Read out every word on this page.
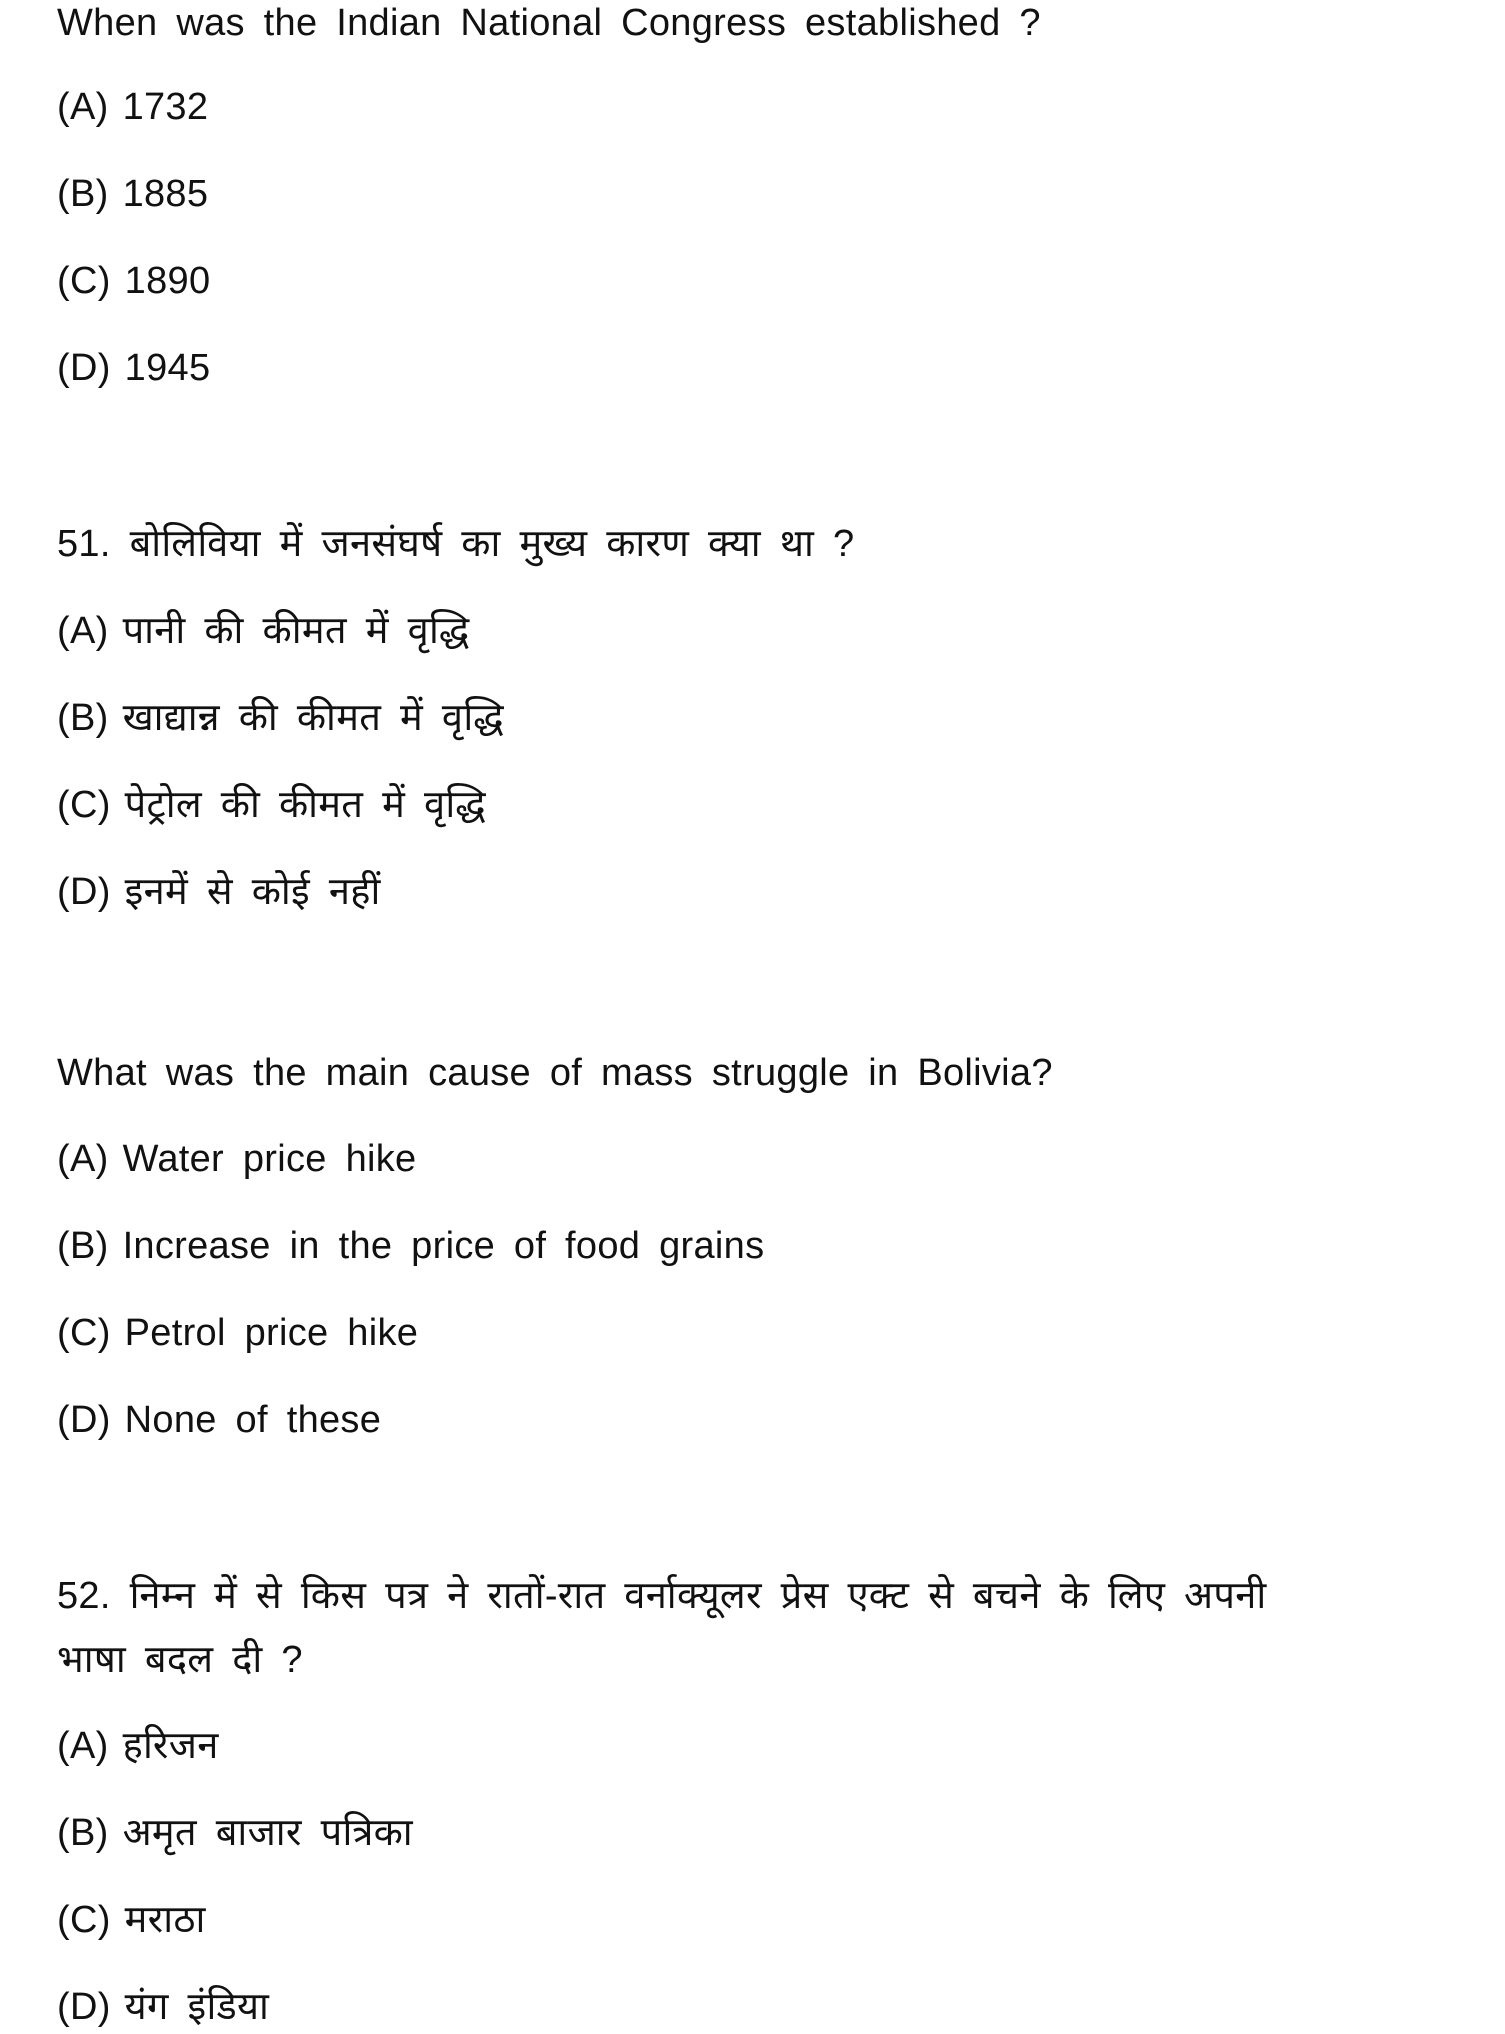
When was the Indian National Congress established ?
(A) 1732
(B) 1885
(C) 1890
(D) 1945
51. बोलिविया में जनसंघर्ष का मुख्य कारण क्या था ?
(A) पानी की कीमत में वृद्धि
(B) खाद्यान्न की कीमत में वृद्धि
(C) पेट्रोल की कीमत में वृद्धि
(D) इनमें से कोई नहीं
What was the main cause of mass struggle in Bolivia?
(A) Water price hike
(B) Increase in the price of food grains
(C) Petrol price hike
(D) None of these
52. निम्न में से किस पत्र ने रातों-रात वर्नाक्यूलर प्रेस एक्ट से बचने के लिए अपनी
भाषा बदल दी ?
(A) हरिजन
(B) अमृत बाजार पत्रिका
(C) मराठा
(D) यंग इंडिया
